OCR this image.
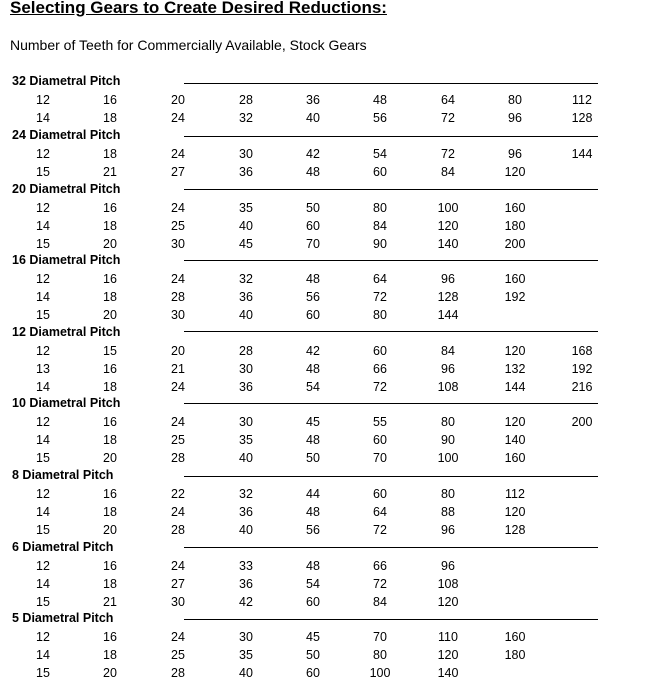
Selecting Gears to Create Desired Reductions:
Number of Teeth for Commercially Available, Stock Gears
32 Diametral Pitch
12	16	20	28	36	48	64	80	112
14	18	24	32	40	56	72	96	128
24 Diametral Pitch
12	18	24	30	42	54	72	96	144
15	21	27	36	48	60	84	120
20 Diametral Pitch
12	16	24	35	50	80	100	160
14	18	25	40	60	84	120	180
15	20	30	45	70	90	140	200
16 Diametral Pitch
12	16	24	32	48	64	96	160
14	18	28	36	56	72	128	192
15	20	30	40	60	80	144
12 Diametral Pitch
12	15	20	28	42	60	84	120	168
13	16	21	30	48	66	96	132	192
14	18	24	36	54	72	108	144	216
10 Diametral Pitch
12	16	24	30	45	55	80	120	200
14	18	25	35	48	60	90	140
15	20	28	40	50	70	100	160
8 Diametral Pitch
12	16	22	32	44	60	80	112
14	18	24	36	48	64	88	120
15	20	28	40	56	72	96	128
6 Diametral Pitch
12	16	24	33	48	66	96
14	18	27	36	54	72	108
15	21	30	42	60	84	120
5 Diametral Pitch
12	16	24	30	45	70	110	160
14	18	25	35	50	80	120	180
15	20	28	40	60	100	140
